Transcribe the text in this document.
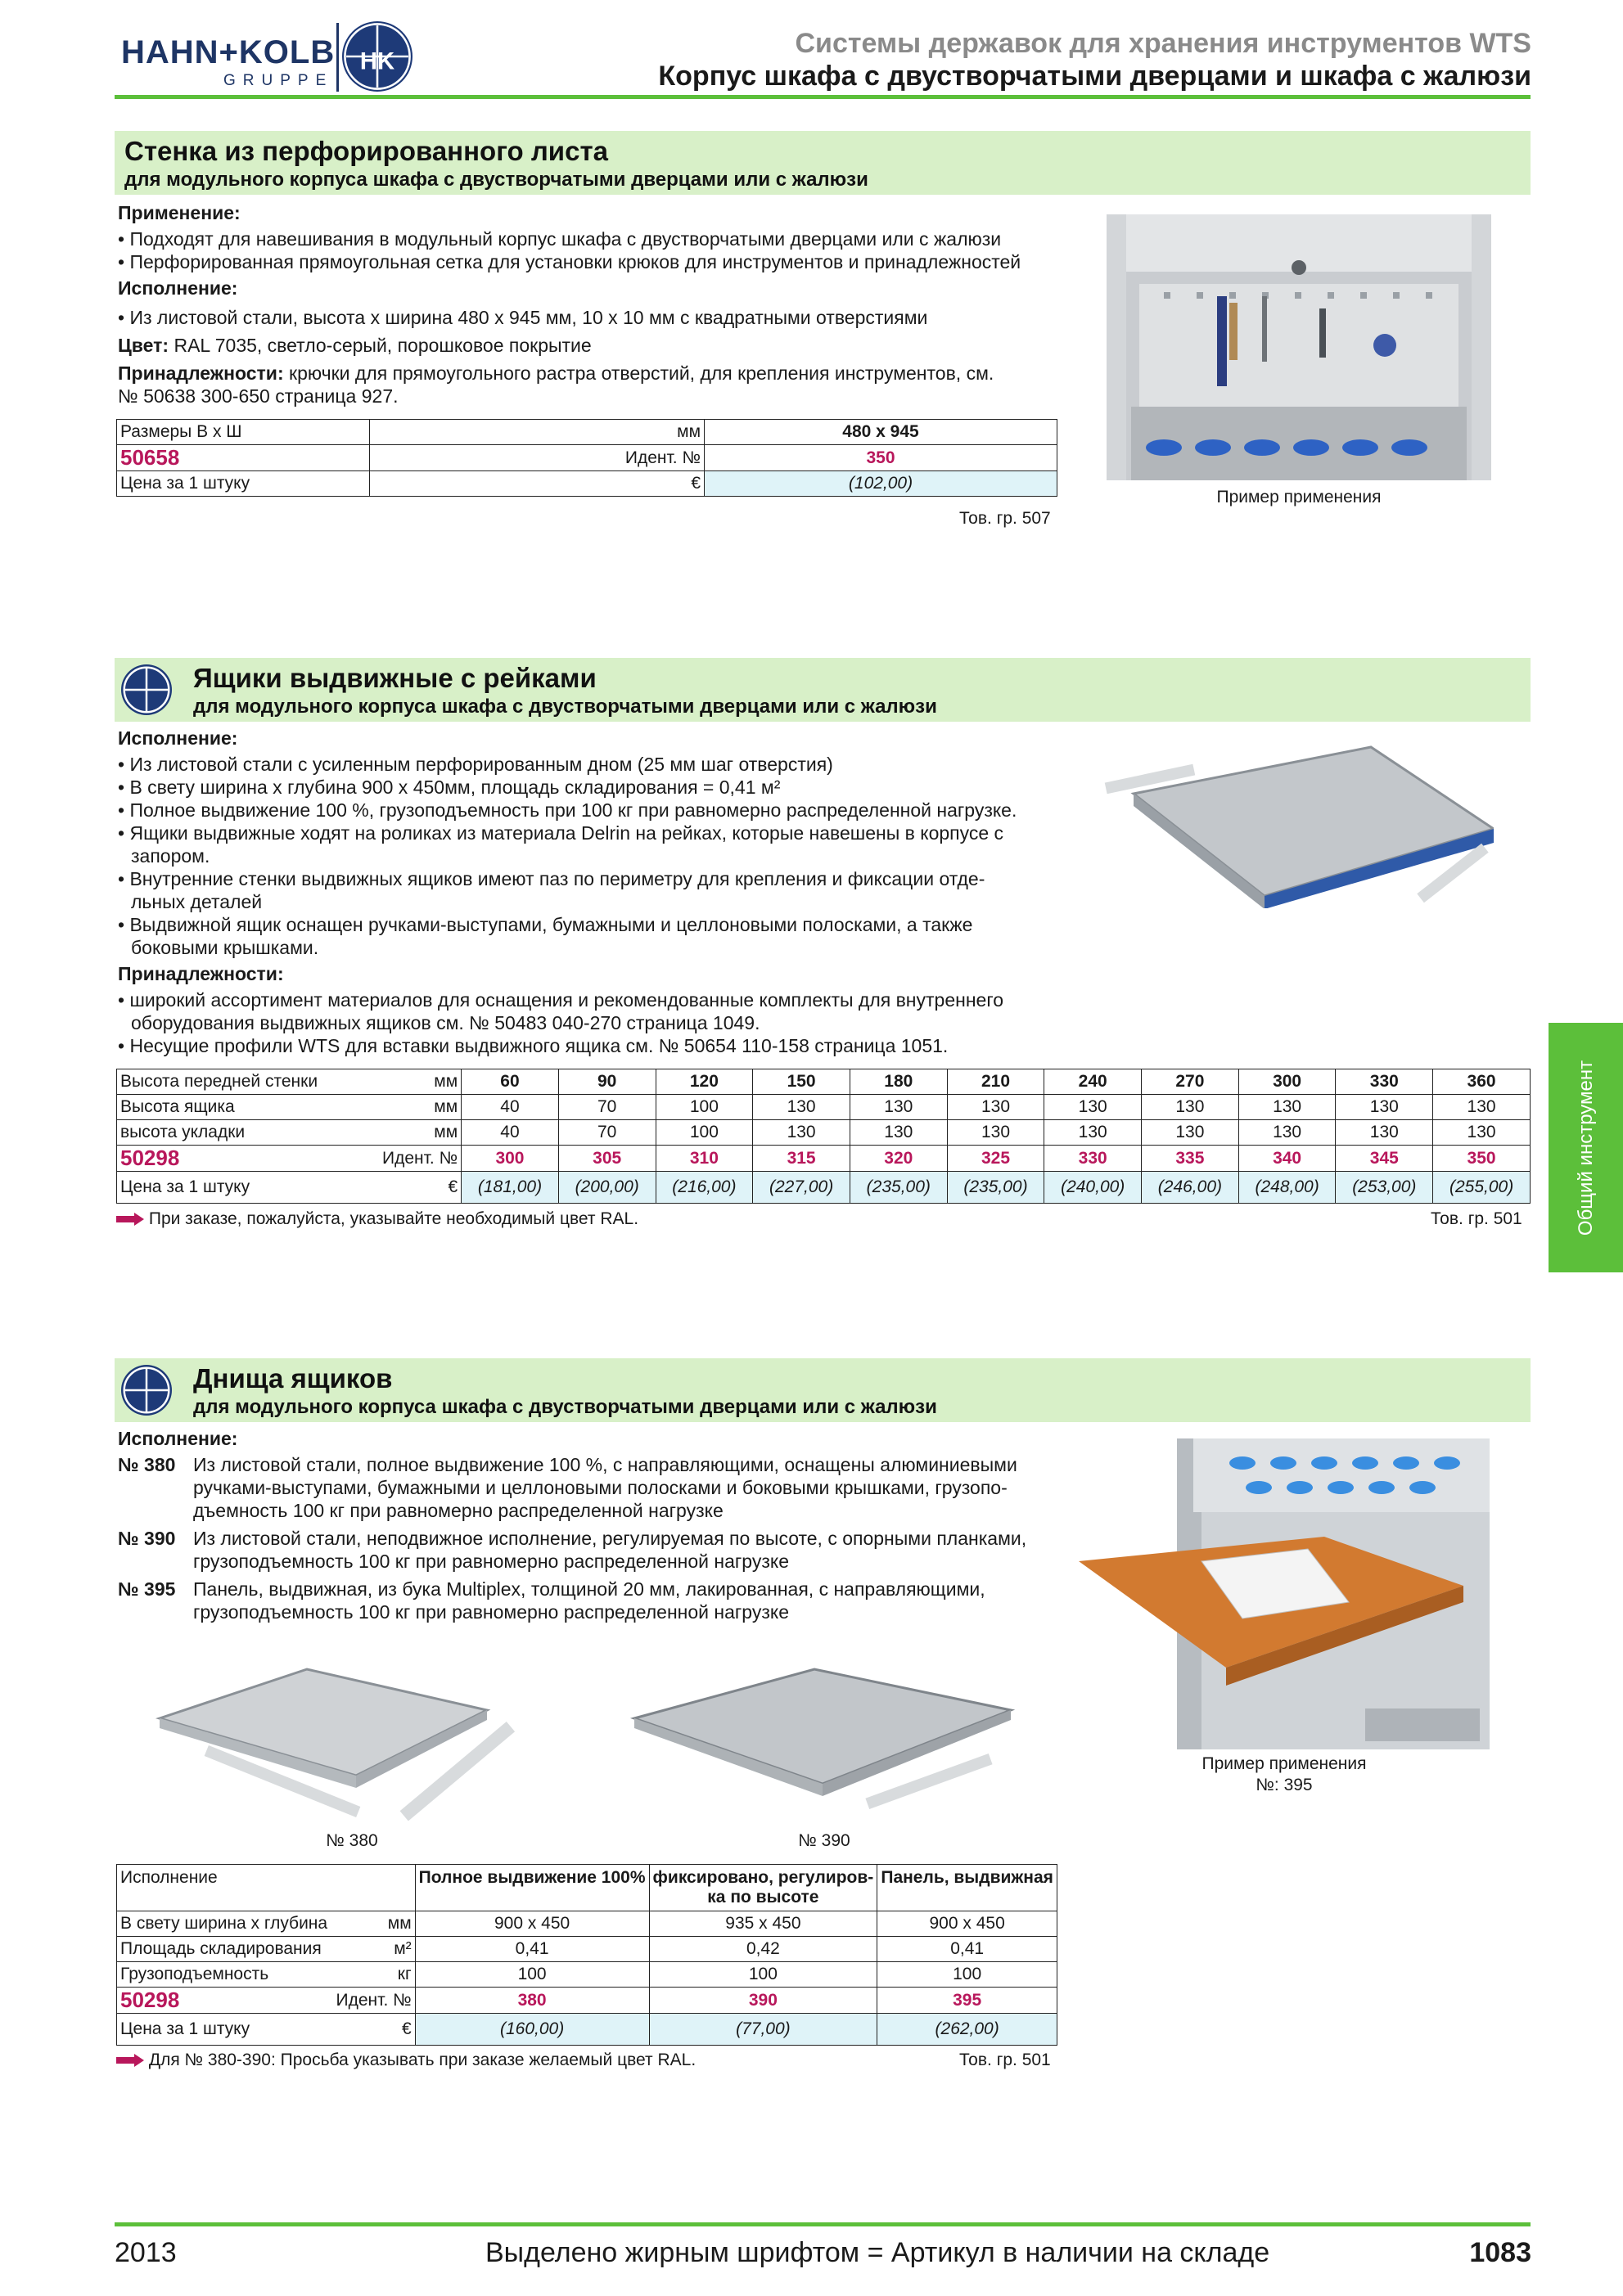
HAHN+KOLB
GRUPPE
HK
Системы державок для хранения инструментов WTS
Корпус шкафа с двустворчатыми дверцами и шкафа с жалюзи
Общий инструмент
Стенка из перфорированного листа
для модульного корпуса шкафа с двустворчатыми дверцами или с жалюзи
Применение:
• Подходят для навешивания в модульный корпус шкафа с двустворчатыми дверцами или с жалюзи
• Перфорированная прямоугольная сетка для установки крюков для инструментов и принадлежностей
Исполнение:
• Из листовой стали, высота x ширина 480 x 945 мм, 10 x 10 мм с квадратными отверстиями
Цвет: RAL 7035, светло-серый, порошковое покрытие
Принадлежности: крючки для прямоугольного растра отверстий, для крепления инструментов, см.
№ 50638 300-650 страница 927.
Размеры В x Ш	мм	480 x 945
50658	Идент. №	350
Цена за 1 штуку	€	(102,00)
Тов. гр. 507
Пример применения
Ящики выдвижные с рейками
для модульного корпуса шкафа с двустворчатыми дверцами или с жалюзи
Исполнение:
• Из листовой стали с усиленным перфорированным дном (25 мм шаг отверстия)
• В свету ширина x глубина 900 x 450мм, площадь складирования = 0,41 м²
• Полное выдвижение 100 %, грузоподъемность при 100 кг при равномерно распределенной нагрузке.
• Ящики выдвижные ходят на роликах из материала Delrin на рейках, которые навешены в корпусе с
запором.
• Внутренние стенки выдвижных ящиков имеют паз по периметру для крепления и фиксации отде-
льных деталей
• Выдвижной ящик оснащен ручками-выступами, бумажными и целлоновыми полосками, а также
боковыми крышками.
Принадлежности:
• широкий ассортимент материалов для оснащения и рекомендованные комплекты для внутреннего
оборудования выдвижных ящиков см. № 50483 040-270 страница 1049.
• Несущие профили WTS для вставки выдвижного ящика см. № 50654 110-158 страница 1051.
Высота передней стенки	мм	60	90	120	150	180	210	240	270	300	330	360
Высота ящика	мм	40	70	100	130	130	130	130	130	130	130	130
высота укладки	мм	40	70	100	130	130	130	130	130	130	130	130
50298	Идент. №	300	305	310	315	320	325	330	335	340	345	350
Цена за 1 штуку	€	(181,00)	(200,00)	(216,00)	(227,00)	(235,00)	(235,00)	(240,00)	(246,00)	(248,00)	(253,00)	(255,00)
При заказе, пожалуйста, указывайте необходимый цвет RAL.	Тов. гр. 501
Днища ящиков
для модульного корпуса шкафа с двустворчатыми дверцами или с жалюзи
Исполнение:
№ 380 Из листовой стали, полное выдвижение 100 %, с направляющими, оснащены алюминиевыми
ручками-выступами, бумажными и целлоновыми полосками и боковыми крышками, грузопо-
дъемность 100 кг при равномерно распределенной нагрузке
№ 390 Из листовой стали, неподвижное исполнение, регулируемая по высоте, с опорными планками,
грузоподъемность 100 кг при равномерно распределенной нагрузке
№ 395 Панель, выдвижная, из бука Multiplex, толщиной 20 мм, лакированная, с направляющими,
грузоподъемность 100 кг при равномерно распределенной нагрузке
№ 380	№ 390
Пример применения
№: 395
Исполнение		Полное выдвижение 100%	фиксировано, регулиров-
ка по высоте	Панель, выдвижная
В свету ширина x глубина	мм	900 x 450	935 x 450	900 x 450
Площадь складирования	м²	0,41	0,42	0,41
Грузоподъемность	кг	100	100	100
50298	Идент. №	380	390	395
Цена за 1 штуку	€	(160,00)	(77,00)	(262,00)
Для № 380-390: Просьба указывать при заказе желаемый цвет RAL.	Тов. гр. 501
2013	Выделено жирным шрифтом = Артикул в наличии на складе	1083
